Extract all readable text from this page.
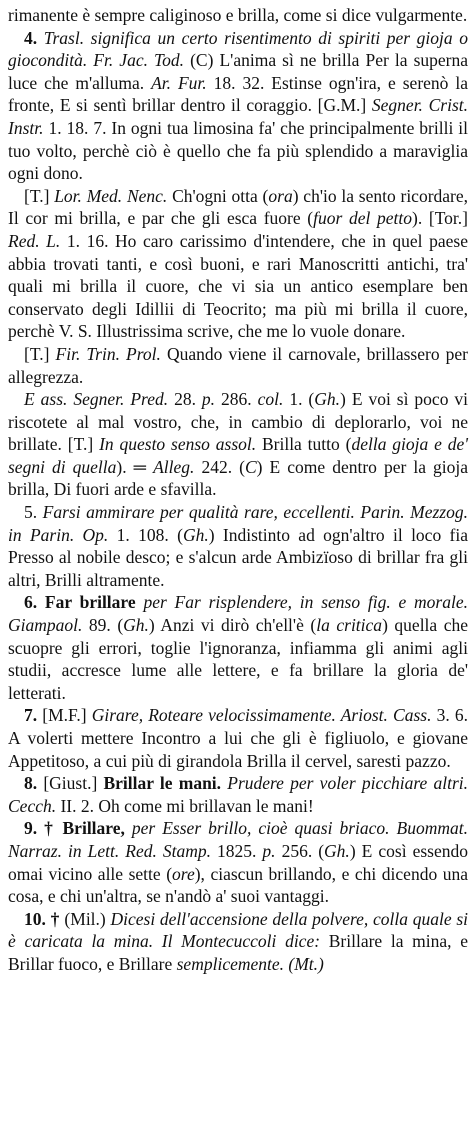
rimanente è sempre caliginoso e brilla, come si dice vulgarmente.

4. Trasl. significa un certo risentimento di spiriti per gioja o giocondità. Fr. Jac. Tod. (C) L'anima sì ne brilla Per la superna luce che m'alluma. Ar. Fur. 18. 32. Estinse ogn'ira, e serenò la fronte, E si sentì brillar dentro il coraggio. [G.M.] Segner. Crist. Instr. 1. 18. 7. In ogni tua limosina fa' che principalmente brilli il tuo volto, perchè ciò è quello che fa più splendido a maraviglia ogni dono.

[T.] Lor. Med. Nenc. Ch'ogni otta (ora) ch'io la sento ricordare, Il cor mi brilla, e par che gli esca fuore (fuor del petto). [Tor.] Red. L. 1. 16. Ho caro carissimo d'intendere, che in quel paese abbia trovati tanti, e così buoni, e rari Manoscritti antichi, tra' quali mi brilla il cuore, che vi sia un antico esemplare ben conservato degli Idillii di Teocrito; ma più mi brilla il cuore, perchè V. S. Illustrissima scrive, che me lo vuole donare.

[T.] Fir. Trin. Prol. Quando viene il carnovale, brillassero per allegrezza.

E ass. Segner. Pred. 28. p. 286. col. 1. (Gh.) E voi sì poco vi riscotete al mal vostro, che, in cambio di deplorarlo, voi ne brillate. [T.] In questo senso assol. Brilla tutto (della gioja e de' segni di quella). ═ Alleg. 242. (C) E come dentro per la gioja brilla, Di fuori arde e sfavilla.

5. Farsi ammirare per qualità rare, eccellenti. Parin. Mezzog. in Parin. Op. 1. 108. (Gh.) Indistinto ad ogn'altro il loco fia Presso al nobile desco; e s'alcun arde Ambizïoso di brillar fra gli altri, Brilli altramente.

6. Far brillare per Far risplendere, in senso fig. e morale. Giampaol. 89. (Gh.) Anzi vi dirò ch'ell'è (la critica) quella che scuopre gli errori, toglie l'ignoranza, infiamma gli animi agli studii, accresce lume alle lettere, e fa brillare la gloria de' letterati.

7. [M.F.] Girare, Roteare velocissimamente. Ariost. Cass. 3. 6. A volerti mettere Incontro a lui che gli è figliuolo, e giovane Appetitoso, a cui più di girandola Brilla il cervel, saresti pazzo.

8. [Giust.] Brillar le mani. Prudere per voler picchiare altri. Cecch. II. 2. Oh come mi brillavan le mani!

9. † Brillare, per Esser brillo, cioè quasi briaco. Buommat. Narraz. in Lett. Red. Stamp. 1825. p. 256. (Gh.) E così essendo omai vicino alle sette (ore), ciascun brillando, e chi dicendo una cosa, e chi un'altra, se n'andò a' suoi vantaggi.

10. † (Mil.) Dicesi dell'accensione della polvere, colla quale si è caricata la mina. Il Montecuccoli dice: Brillare la mina, e Brillar fuoco, e Brillare semplicemente. (Mt.)
